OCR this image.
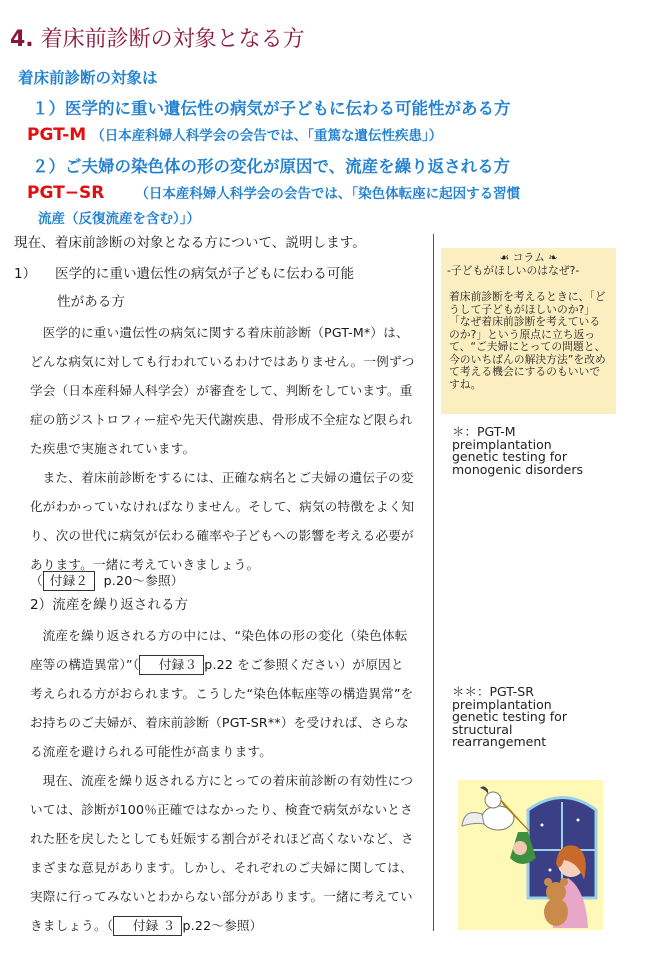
4. 着床前診断の対象となる方
着床前診断の対象は
１）医学的に重い遺伝性の病気が子どもに伝わる可能性がある方
PGT-M （日本産科婦人科学会の会告では、「重篤な遺伝性疾患」）
２）ご夫婦の染色体の形の変化が原因で、流産を繰り返される方
PGT−SR （日本産科婦人科学会の会告では、「染色体転座に起因する習慣
流産（反復流産を含む）」）
現在、着床前診断の対象となる方について、説明します。
1） 医学的に重い遺伝性の病気が子どもに伝わる可能
性がある方
医学的に重い遺伝性の病気に関する着床前診断（PGT-M*）は、どんな病気に対しても行われているわけではありません。一例ずつ学会（日本産科婦人科学会）が審査をして、判断をしています。重症の筋ジストロフィー症や先天代謝疾患、骨形成不全症など限られた疾患で実施されています。
また、着床前診断をするには、正確な病名とご夫婦の遺伝子の変化がわかっていなければなりません。そして、病気の特徴をよく知り、次の世代に病気が伝わる確率や子どもへの影響を考える必要があります。一緒に考えていきましょう。
（ 付録２ p.20～参照）
2）流産を繰り返される方
流産を繰り返される方の中には、“染色体の形の変化（染色体転座等の構造異常）”（ 付録３ p.22 をご参照ください）が原因と考えられる方がおられます。こうした“染色体転座等の構造異常”をお持ちのご夫婦が、着床前診断（PGT-SR**）を受ければ、さらなる流産を避けられる可能性が高まります。
現在、流産を繰り返される方にとっての着床前診断の有効性については、診断が100％正確ではなかったり、検査で病気がないとされた胚を戻したとしても妊娠する割合がそれほど高くないなど、さまざまな意見があります。しかし、それぞれのご夫婦に関しては、実際に行ってみないとわからない部分があります。一緒に考えていきましょう。（ 付録 ３ p.22～参照）
☙ コラム ❧
-子どもがほしいのはなぜ?-
着床前診断を考えるときに、「どうして子どもがほしいのか?」「なぜ着床前診断を考えているのか?」という原点に立ち返って、“ご夫婦にとっての問題と、今のいちばんの解決方法”を改めて考える機会にするのもいいですね。
＊：PGT-M
preimplantation
genetic testing for
monogenic disorders
＊＊：PGT-SR
preimplantation
genetic testing for
structural
rearrangement
